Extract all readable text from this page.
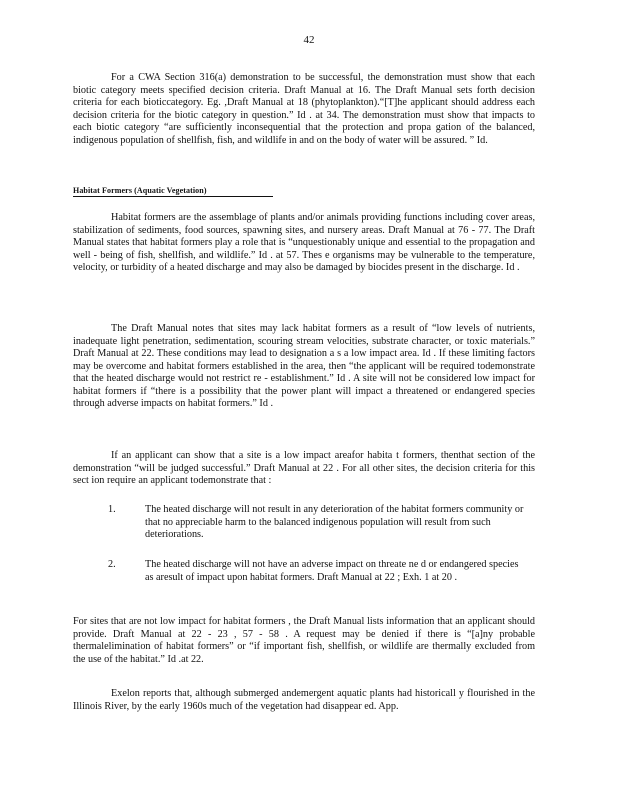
42

For a CWA Section 316(a) demonstration to be successful, the demonstration must show that each biotic category meets specified decision criteria. Draft Manual at 16. The Draft Manual sets forth decision criteria for each bioticcategory. Eg. ,Draft Manual at 18 (phytoplankton).“[T]he applicant should address each decision criteria for the biotic category in question.” Id . at 34. The demonstration must show that impacts to each biotic category “are sufficiently inconsequential that the protection and propa gation of the balanced, indigenous population of shellfish, fish, and wildlife in and on the body of water will be assured. ” Id.

Habitat Formers (Aquatic Vegetation)

Habitat formers are the assemblage of plants and/or animals providing functions including cover areas, stabilization of sediments, food sources, spawning sites, and nursery areas. Draft Manual at 76 - 77. The Draft Manual states that habitat formers play a role that is “unquestionably unique and essential to the propagation and well - being of fish, shellfish, and wildlife.” Id . at 57. Thes e organisms may be vulnerable to the temperature, velocity, or turbidity of a heated discharge and may also be damaged by biocides present in the discharge. Id .

The Draft Manual notes that sites may lack habitat formers as a result of “low levels of nutrients, inadequate light penetration, sedimentation, scouring stream velocities, substrate character, or toxic materials.” Draft Manual at 22. These conditions may lead to designation a s a low impact area. Id . If these limiting factors may be overcome and habitat formers established in the area, then “the applicant will be required todemonstrate that the heated discharge would not restrict re - establishment.” Id . A site will not be considered low impact for habitat formers if “there is a possibility that the power plant will impact a threatened or endangered species through adverse impacts on habitat formers.” Id .

If an applicant can show that a site is a low impact areafor habita t formers, thenthat section of the demonstration “will be judged successful.” Draft Manual at 22 . For all other sites, the decision criteria for this sect ion require an applicant todemonstrate that :

1.	The heated discharge will not result in any deterioration of the habitat formers community or that no appreciable harm to the balanced indigenous population will result from such deteriorations.
2.	The heated discharge will not have an adverse impact on threate ne d or endangered species as aresult of impact upon habitat formers. Draft Manual at 22 ; Exh. 1 at 20 .

For sites that are not low impact for habitat formers , the Draft Manual lists information that an applicant should provide. Draft Manual at 22 - 23 , 57 - 58 . A request may be denied if there is “[a]ny probable thermalelimination of habitat formers” or “if important fish, shellfish, or wildlife are thermally excluded from the use of the habitat.” Id .at 22.

Exelon reports that, although submerged andemergent aquatic plants had historicall y flourished in the Illinois River, by the early 1960s much of the vegetation had disappear ed. App.
